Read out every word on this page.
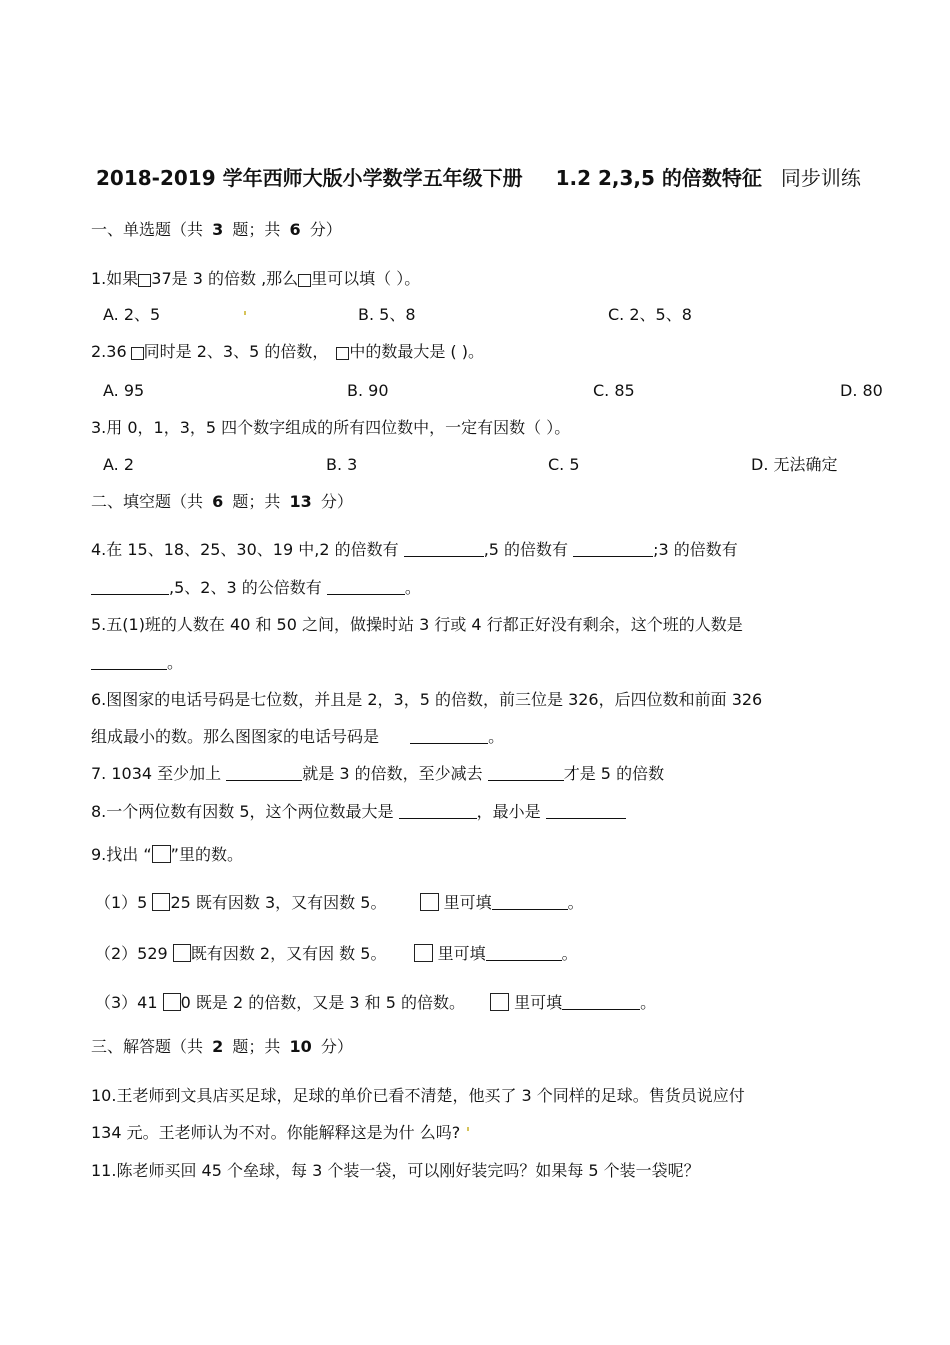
2018-2019 学年西师大版小学数学五年级下册 1.2 2,3,5 的倍数特征 同步训练
一、单选题（共 3 题；共 6 分）
1.如果 37是 3 的倍数 ,那么 里可以填（ ）。
A. 2、5	B. 5、8	C. 2、5、8
2.36 同时是 2、3、5 的倍数， 中的数最大是 ( )。
A. 95	B. 90	C. 85	D. 80
3.用 0，1，3，5 四个数字组成的所有四位数中，一定有因数（ ）。
A. 2	B. 3	C. 5	D. 无法确定
二、填空题（共 6 题；共 13 分）
4.在 15、18、25、30、19 中,2 的倍数有	,5 的倍数有	;3 的倍数有
,5、2、3 的公倍数有	。
5.五(1)班的人数在 40 和 50 之间，做操时站 3 行或 4 行都正好没有剩余，这个班的人数是
。
6.图图家的电话号码是七位数，并且是 2，3，5 的倍数，前三位是 326，后四位数和前面 326
组成最小的数。那么图图家的电话号码是	。
7. 1034 至少加上	就是 3 的倍数，至少减去	才是 5 的倍数
8.一个两位数有因数 5，这个两位数最大是	，最小是
9.找出 “ ”里的数。
（1）5 25 既有因数 3，又有因数 5。	里可填	。
（2）529 既有因数 2，又有因 数 5。	里可填	。
（3）41 0 既是 2 的倍数，又是 3 和 5 的倍数。	里可填	。
三、解答题（共 2 题；共 10 分）
10.王老师到文具店买足球，足球的单价已看不清楚，他买了 3 个同样的足球。售货员说应付
134 元。王老师认为不对。你能解释这是为什 么吗?
11.陈老师买回 45 个垒球，每 3 个装一袋，可以刚好装完吗？如果每 5 个装一袋呢？
